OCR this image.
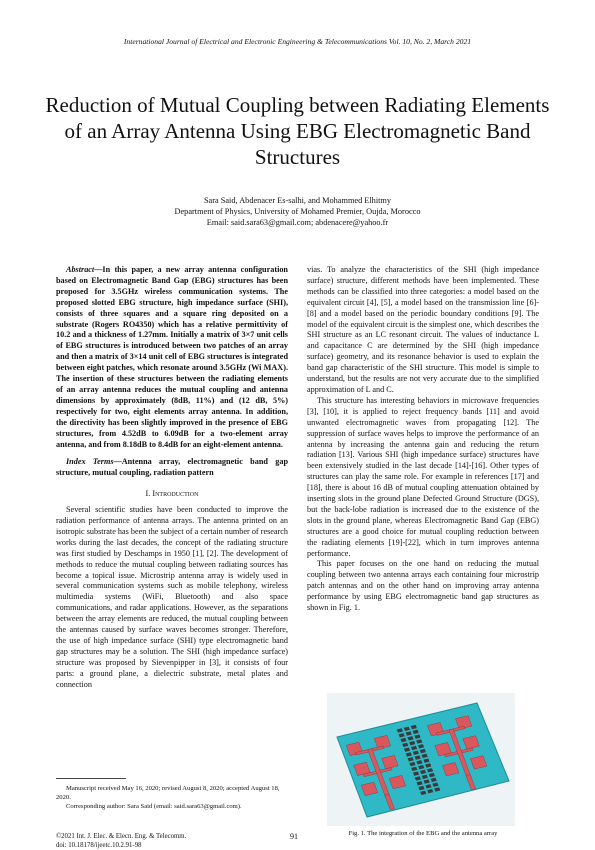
International Journal of Electrical and Electronic Engineering & Telecommunications Vol. 10, No. 2, March 2021
Reduction of Mutual Coupling between Radiating Elements of an Array Antenna Using EBG Electromagnetic Band Structures
Sara Said, Abdenacer Es-salhi, and Mohammed Elhitmy
Department of Physics, University of Mohamed Premier, Oujda, Morocco
Email: said.sara63@gmail.com; abdenacere@yahoo.fr

Abstract—In this paper, a new array antenna configuration based on Electromagnetic Band Gap (EBG) structures has been proposed for 3.5GHz wireless communication systems. The proposed slotted EBG structure, high impedance surface (SHI), consists of three squares and a square ring deposited on a substrate (Rogers RO4350) which has a relative permittivity of 10.2 and a thickness of 1.27mm. Initially a matrix of 3×7 unit cells of EBG structures is introduced between two patches of an array and then a matrix of 3×14 unit cell of EBG structures is integrated between eight patches, which resonate around 3.5GHz (Wi MAX). The insertion of these structures between the radiating elements of an array antenna reduces the mutual coupling and antenna dimensions by approximately (8dB, 11%) and (12 dB, 5%) respectively for two, eight elements array antenna. In addition, the directivity has been slightly improved in the presence of EBG structures, from 4.52dB to 6.09dB for a two-element array antenna, and from 8.18dB to 8.4dB for an eight-element antenna.

Index Terms—Antenna array, electromagnetic band gap structure, mutual coupling, radiation pattern

I. Introduction

Several scientific studies have been conducted to improve the radiation performance of antenna arrays. The antenna printed on an isotropic substrate has been the subject of a certain number of research works during the last decades, the concept of the radiating structure was first studied by Deschamps in 1950 [1], [2]. The development of methods to reduce the mutual coupling between radiating sources has become a topical issue. Microstrip antenna array is widely used in several communication systems such as mobile telephony, wireless multimedia systems (WiFi, Bluetooth) and also space communications, and radar applications. However, as the separations between the array elements are reduced, the mutual coupling between the antennas caused by surface waves becomes stronger. Therefore, the use of high impedance surface (SHI) type electromagnetic band gap structures may be a solution. The SHI (high impedance surface) structure was proposed by Sievenpipper in [3], it consists of four parts: a ground plane, a dielectric substrate, metal plates and connection

vias. To analyze the characteristics of the SHI (high impedance surface) structure, different methods have been implemented. These methods can be classified into three categories: a model based on the equivalent circuit [4], [5], a model based on the transmission line [6]-[8] and a model based on the periodic boundary conditions [9]. The model of the equivalent circuit is the simplest one, which describes the SHI structure as an LC resonant circuit. The values of inductance L and capacitance C are determined by the SHI (high impedance surface) geometry, and its resonance behavior is used to explain the band gap characteristic of the SHI structure. This model is simple to understand, but the results are not very accurate due to the simplified approximation of L and C.

This structure has interesting behaviors in microwave frequencies [3], [10], it is applied to reject frequency bands [11] and avoid unwanted electromagnetic waves from propagating [12]. The suppression of surface waves helps to improve the performance of an antenna by increasing the antenna gain and reducing the return radiation [13]. Various SHI (high impedance surface) structures have been extensively studied in the last decade [14]-[16]. Other types of structures can play the same role. For example in references [17] and [18], there is about 16 dB of mutual coupling attenuation obtained by inserting slots in the ground plane Defected Ground Structure (DGS), but the back-lobe radiation is increased due to the existence of the slots in the ground plane, whereas Electromagnetic Band Gap (EBG) structures are a good choice for mutual coupling reduction between the radiating elements [19]-[22], which in turn improves antenna performance.

This paper focuses on the one hand on reducing the mutual coupling between two antenna arrays each containing four microstrip patch antennas and on the other hand on improving array antenna performance by using EBG electromagnetic band gap structures as shown in Fig. 1.

Manuscript received May 16, 2020; revised August 8, 2020; accepted August 18, 2020.

Corresponding author: Sara Said (email: said.sara63@gmail.com).

Fig. 1. The integration of the EBG and the antenna array
©2021 Int. J. Elec. & Elecn. Eng. & Telecomm.
doi: 10.18178/ijeetc.10.2.91-98
91
